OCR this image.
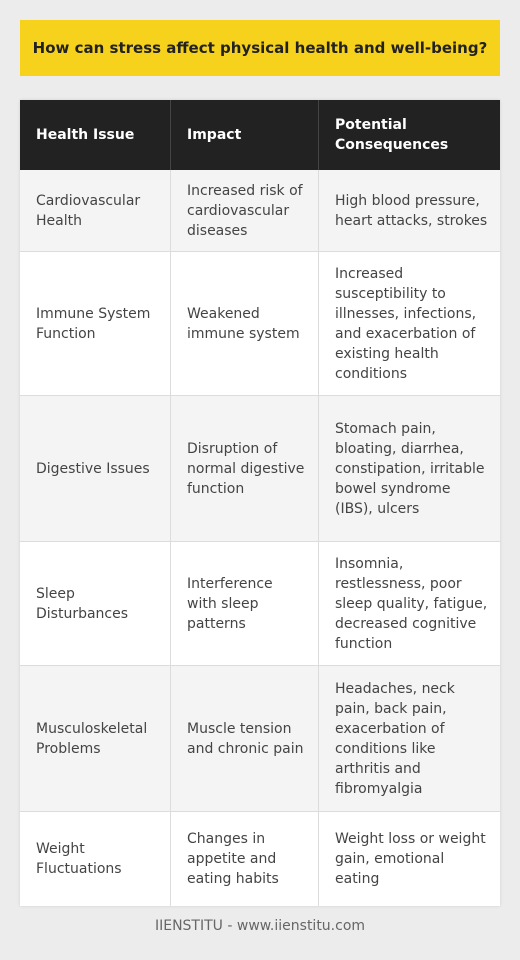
How can stress affect physical health and well-being?
Health Issue	Impact
Potential Consequences
Cardiovascular Health
Increased risk of cardiovascular diseases
High blood pressure, heart attacks, strokes
Immune System Function
Weakened immune system
Increased susceptibility to illnesses, infections, and exacerbation of existing health conditions
Digestive Issues
Disruption of normal digestive function
Stomach pain, bloating, diarrhea, constipation, irritable bowel syndrome (IBS), ulcers
Sleep Disturbances
Interference with sleep patterns
Insomnia, restlessness, poor sleep quality, fatigue, decreased cognitive function
Musculoskeletal Problems
Muscle tension and chronic pain
Headaches, neck pain, back pain, exacerbation of conditions like arthritis and fibromyalgia
Weight Fluctuations
Changes in appetite and eating habits
Weight loss or weight gain, emotional eating
IIENSTITU - www.iienstitu.com
